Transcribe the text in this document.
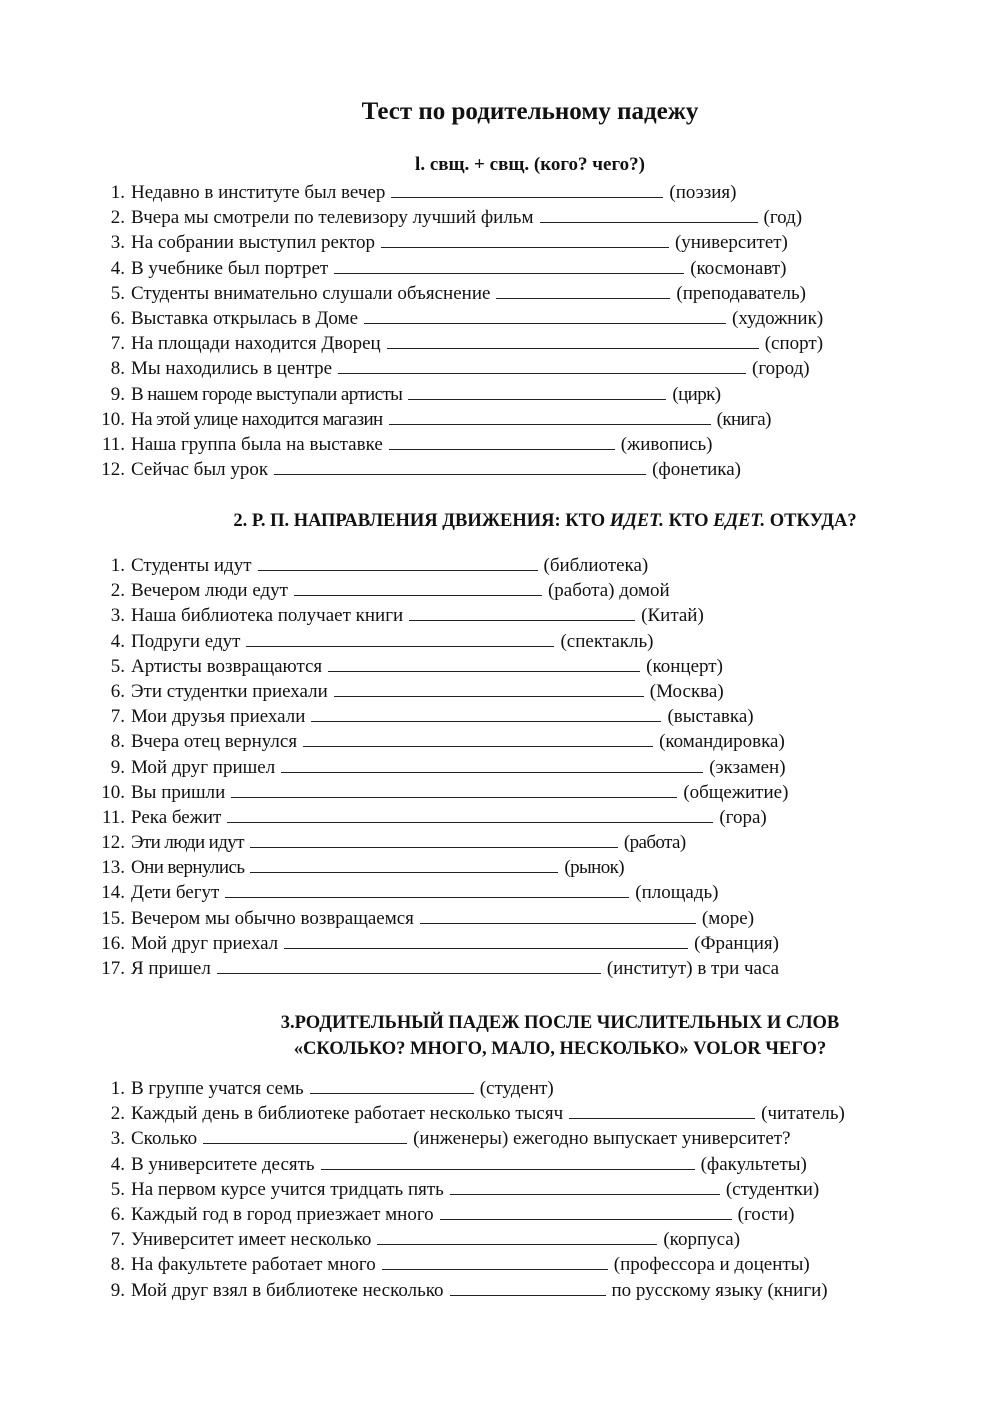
Тест по родительному падежу
l. свщ. + свщ. (кого? чего?)
1. Недавно в институте был вечер	(поэзия)
2. Вчера мы смотрели по телевизору лучший фильм	(год)
3. На собрании выступил ректор	(университет)
4. В учебнике был портрет	(космонавт)
5. Студенты внимательно слушали объяснение	(преподаватель)
6. Выставка открылась в Доме	(художник)
7. На площади находится Дворец	(спорт)
8. Мы находились в центре	(город)
9. В нашем городе выступали артисты	(цирк)
10. На этой улице находится магазин	(книга)
11. Наша группа была на выставке	(живопись)
12. Сейчас был урок	(фонетика)
2. Р. П. НАПРАВЛЕНИЯ ДВИЖЕНИЯ: КТО ИДЕТ. КТО ЕДЕТ. ОТКУДА?
1. Студенты идут	(библиотека)
2. Вечером люди едут	(работа) домой
3. Наша библиотека получает книги	(Китай)
4. Подруги едут	(спектакль)
5. Артисты возвращаются	(концерт)
6. Эти студентки приехали	(Москва)
7. Мои друзья приехали	(выставка)
8. Вчера отец вернулся	(командировка)
9. Мой друг пришел	(экзамен)
10. Вы пришли	(общежитие)
11. Река бежит	(гора)
12. Эти люди идут	(работа)
13. Они вернулись	(рынок)
14. Дети бегут	(площадь)
15. Вечером мы обычно возвращаемся	(море)
16. Мой друг приехал	(Франция)
17. Я пришел	(институт) в три часа
3.РОДИТЕЛЬНЫЙ ПАДЕЖ ПОСЛЕ ЧИСЛИТЕЛЬНЫХ И СЛОВ
«СКОЛЬКО? МНОГО, МАЛО, НЕСКОЛЬКО» VOLOR ЧЕГО?
1. В группе учатся семь	(студент)
2. Каждый день в библиотеке работает несколько тысяч	(читатель)
3. Сколько	(инженеры) ежегодно выпускает университет?
4. В университете десять	(факультеты)
5. На первом курсе учится тридцать пять	(студентки)
6. Каждый год в город приезжает много	(гости)
7. Университет имеет несколько	(корпуса)
8. На факультете работает много	(профессора и доценты)
9. Мой друг взял в библиотеке несколько	по русскому языку (книги)
